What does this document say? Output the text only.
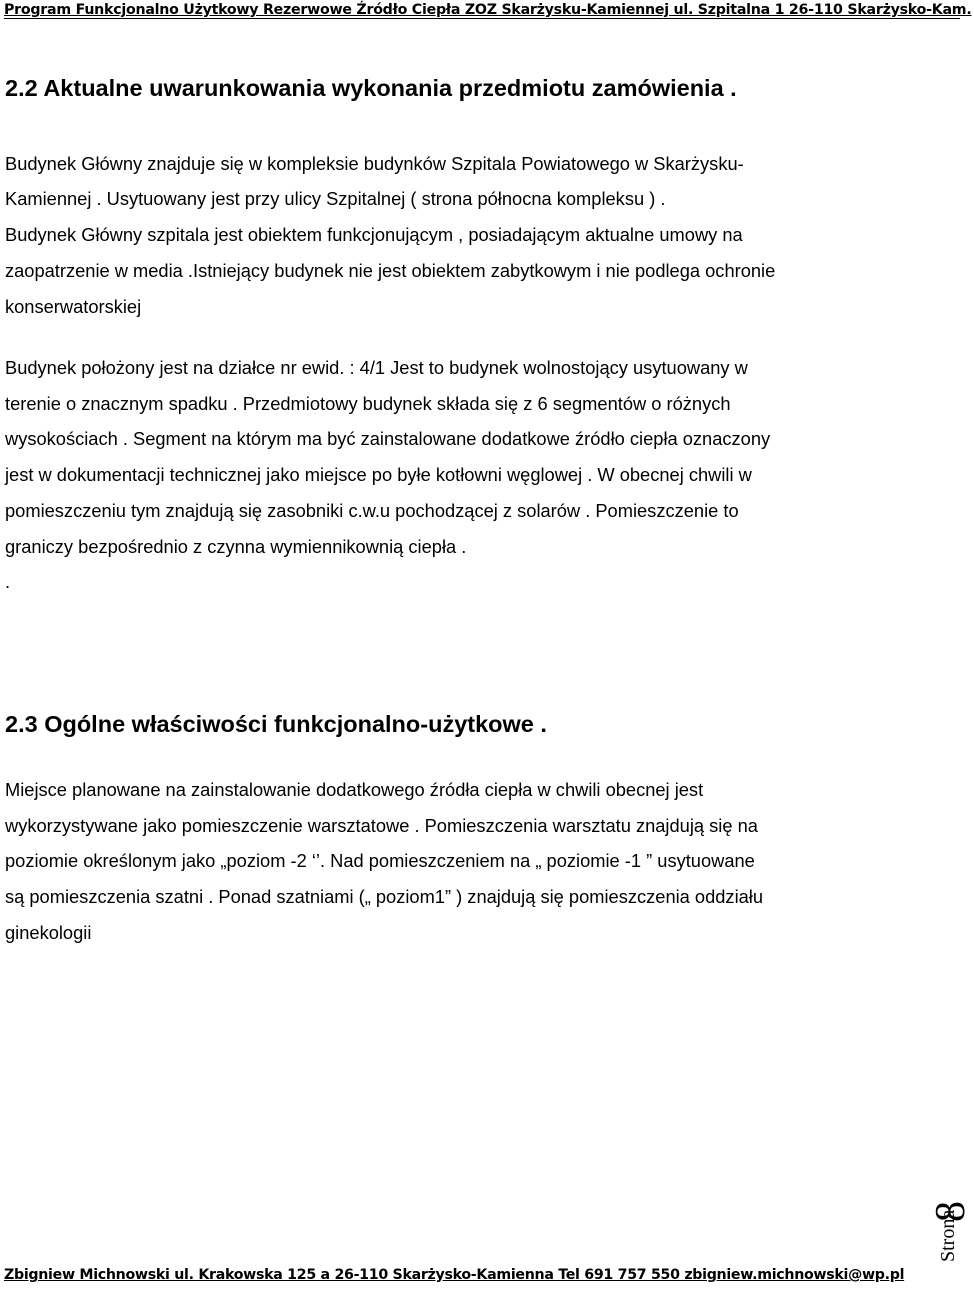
Program Funkcjonalno Użytkowy Rezerwowe Źródło Ciepła ZOZ Skarżysku-Kamiennej ul. Szpitalna 1 26-110 Skarżysko-Kam.
2.2 Aktualne uwarunkowania wykonania przedmiotu zamówienia .
Budynek Główny znajduje się w kompleksie budynków Szpitala Powiatowego w Skarżysku-
Kamiennej . Usytuowany jest przy ulicy Szpitalnej ( strona północna kompleksu ) .
Budynek Główny szpitala jest obiektem funkcjonującym , posiadającym aktualne umowy na
zaopatrzenie w media .Istniejący budynek nie jest obiektem zabytkowym i nie podlega ochronie
konserwatorskiej
Budynek położony jest na działce nr ewid. : 4/1 Jest to budynek wolnostojący usytuowany w
terenie o znacznym spadku . Przedmiotowy budynek składa się z 6 segmentów o różnych
wysokościach . Segment na którym ma być zainstalowane dodatkowe źródło ciepła oznaczony
jest w dokumentacji technicznej jako miejsce po byłe kotłowni węglowej . W obecnej chwili w
pomieszczeniu tym znajdują się zasobniki c.w.u pochodzącej z solarów . Pomieszczenie to
graniczy bezpośrednio z czynna wymiennikownią ciepła .
.
2.3 Ogólne właściwości funkcjonalno-użytkowe .
Miejsce planowane na zainstalowanie dodatkowego źródła ciepła w chwili obecnej jest
wykorzystywane jako pomieszczenie warsztatowe . Pomieszczenia warsztatu znajdują się na
poziomie określonym jako „poziom -2 ‘’. Nad pomieszczeniem na „ poziomie -1 ” usytuowane
są pomieszczenia szatni . Ponad szatniami („ poziom1” ) znajdują się pomieszczenia oddziału
ginekologii
Strona
8
Zbigniew Michnowski ul. Krakowska 125 a 26-110 Skarżysko-Kamienna Tel 691 757 550 zbigniew.michnowski@wp.pl
